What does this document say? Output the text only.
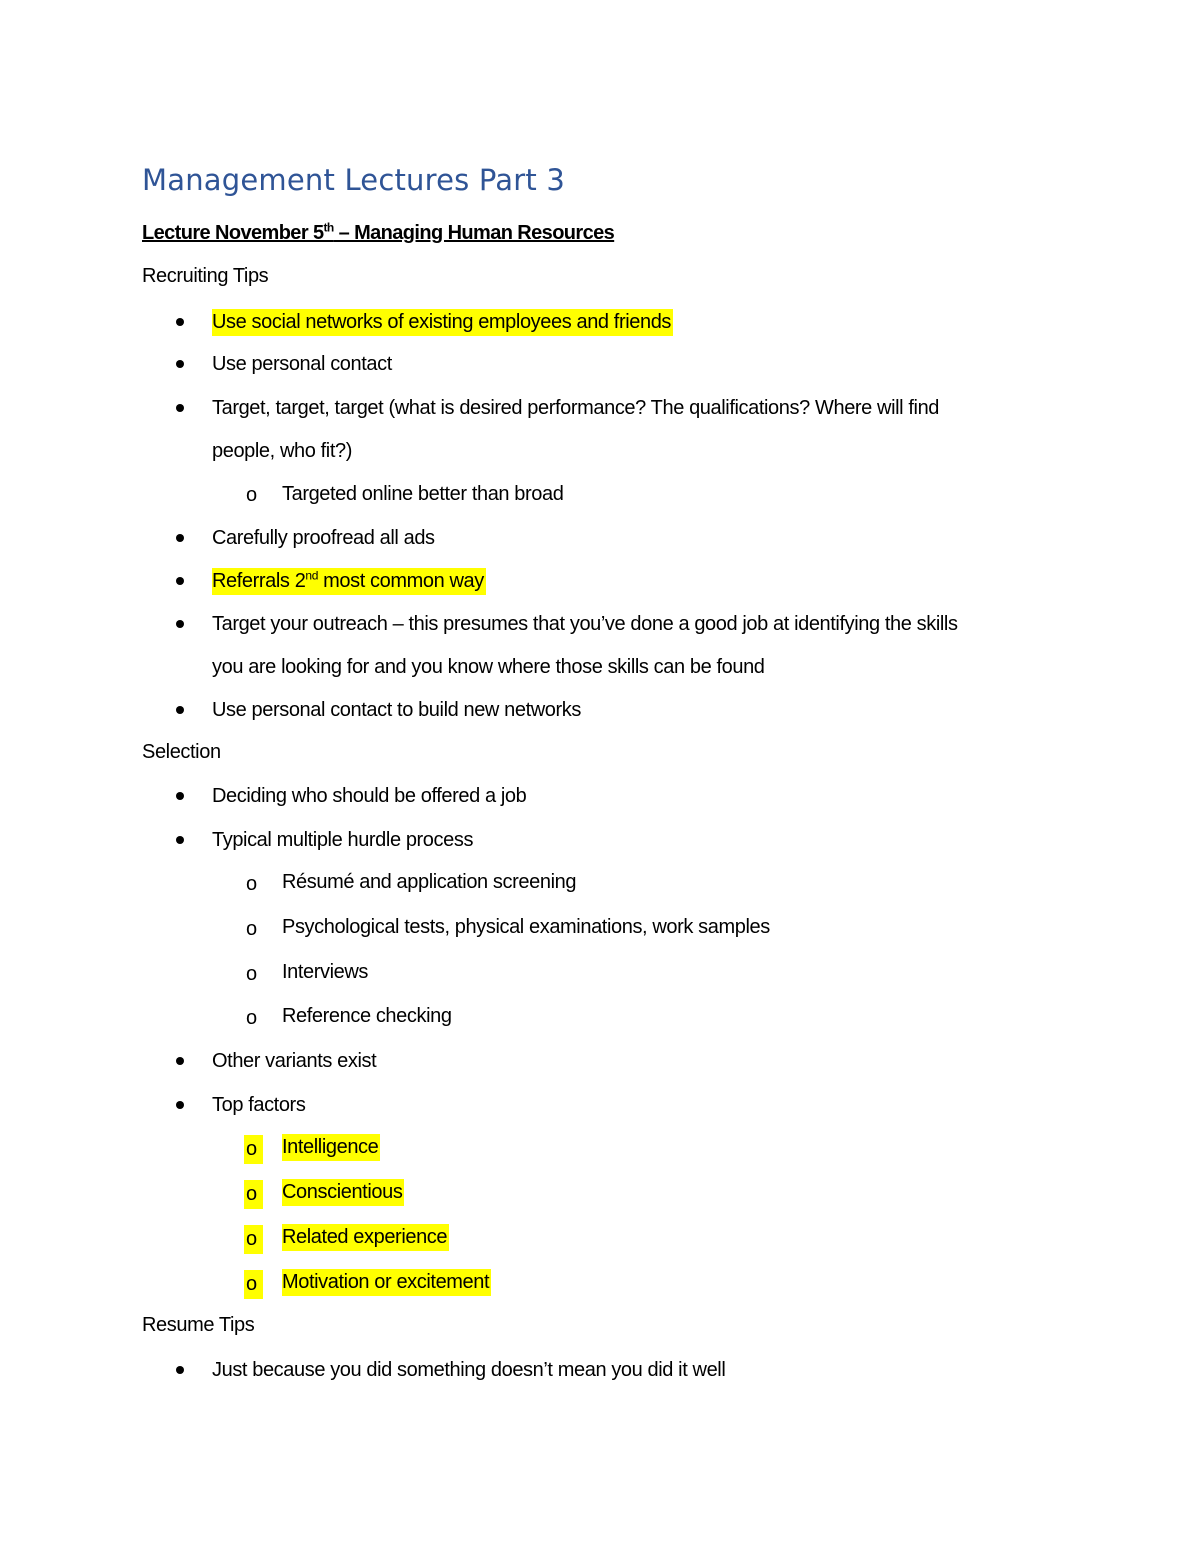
Management Lectures Part 3
Lecture November 5th – Managing Human Resources
Recruiting Tips
Use social networks of existing employees and friends
Use personal contact
Target, target, target (what is desired performance? The qualifications? Where will find
people, who fit?)
o Targeted online better than broad
Carefully proofread all ads
Referrals 2nd most common way
Target your outreach – this presumes that you’ve done a good job at identifying the skills
you are looking for and you know where those skills can be found
Use personal contact to build new networks
Selection
Deciding who should be offered a job
Typical multiple hurdle process
o Résumé and application screening
o Psychological tests, physical examinations, work samples
o Interviews
o Reference checking
Other variants exist
Top factors
o	Intelligence
o	Conscientious
o	Related experience
o	Motivation or excitement
Resume Tips
Just because you did something doesn’t mean you did it well
